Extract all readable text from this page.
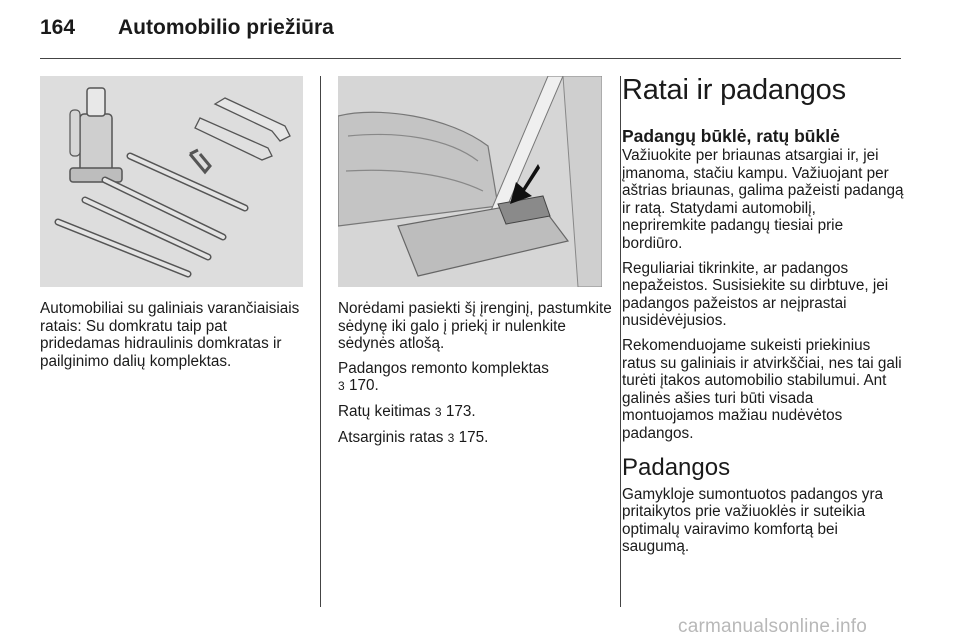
164 Automobilio priežiūra

Automobiliai su galiniais varančiaisiais ratais: Su domkratu taip pat pridedamas hidraulinis domkratas ir pailginimo dalių komplektas.

Norėdami pasiekti šį įrenginį, pastumkite sėdynę iki galo į priekį ir nulenkite sėdynės atlošą.

Padangos remonto komplektas
3 170.

Ratų keitimas 3 173.

Atsarginis ratas 3 175.

Ratai ir padangos
Padangų būklė, ratų būklė

Važiuokite per briaunas atsargiai ir, jei įmanoma, stačiu kampu. Važiuojant per aštrias briaunas, galima pažeisti padangą ir ratą. Statydami automobilį, nepriremkite padangų tiesiai prie bordiūro.

Reguliariai tikrinkite, ar padangos nepažeistos. Susisiekite su dirbtuve, jei padangos pažeistos ar neįprastai nusidėvėjusios.

Rekomenduojame sukeisti priekinius ratus su galiniais ir atvirkščiai, nes tai gali turėti įtakos automobilio stabilumui. Ant galinės ašies turi būti visada montuojamos mažiau nudėvėtos padangos.

Padangos

Gamykloje sumontuotos padangos yra pritaikytos prie važiuoklės ir suteikia optimalų vairavimo komfortą bei saugumą.

carmanualsonline.info
